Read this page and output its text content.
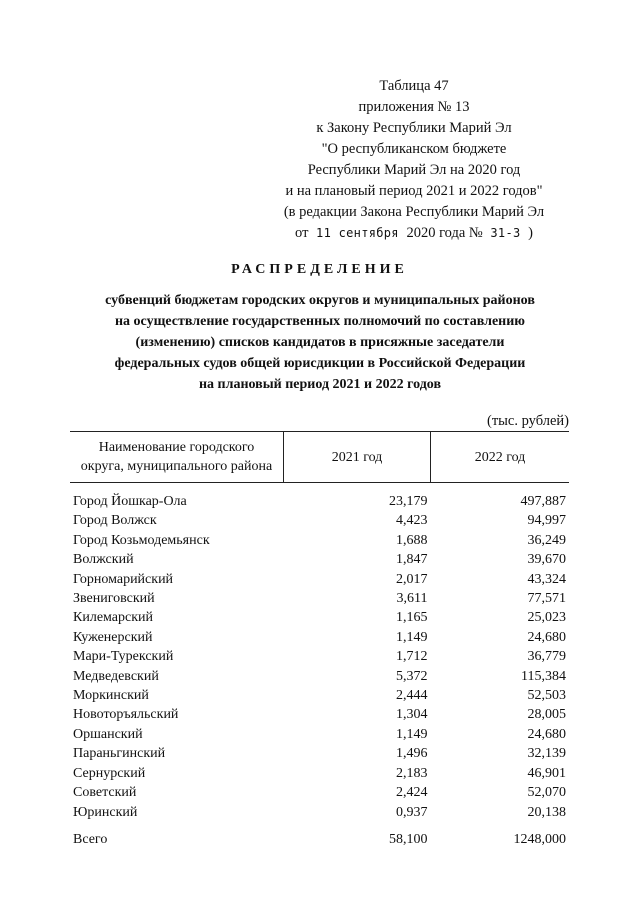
Таблица 47
приложения № 13
к Закону Республики Марий Эл
"О республиканском бюджете
Республики Марий Эл на 2020 год
и на плановый период 2021 и 2022 годов"
(в редакции Закона Республики Марий Эл
от 11 сентября 2020 года № 31-З )
РАСПРЕДЕЛЕНИЕ
субвенций бюджетам городских округов и муниципальных районов
на осуществление государственных полномочий по составлению
(изменению) списков кандидатов в присяжные заседатели
федеральных судов общей юрисдикции в Российской Федерации
на плановый период 2021 и 2022 годов
(тыс. рублей)
Наименование городского
округа, муниципального района	2021 год	2022 год

Город Йошкар-Ола	23,179	497,887
Город Волжск	4,423	94,997
Город Козьмодемьянск	1,688	36,249
Волжский	1,847	39,670
Горномарийский	2,017	43,324
Звениговский	3,611	77,571
Килемарский	1,165	25,023
Куженерский	1,149	24,680
Мари-Турекский	1,712	36,779
Медведевский	5,372	115,384
Моркинский	2,444	52,503
Новоторъяльский	1,304	28,005
Оршанский	1,149	24,680
Параньгинский	1,496	32,139
Сернурский	2,183	46,901
Советский	2,424	52,070
Юринский	0,937	20,138
Всего	58,100	1248,000
